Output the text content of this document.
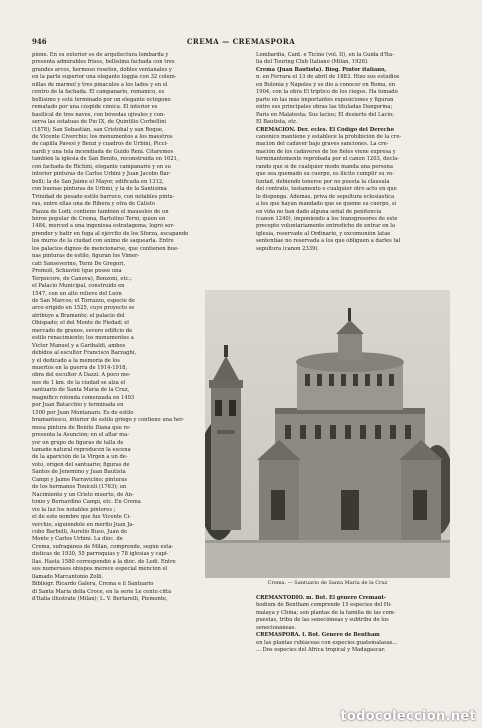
946	CREMA — CREMASPORA

pione. En su exterior es de arquitectura lombarda y

presenta admirables frisos, bellísima fachada con tres

grandes arcos, hermoso rosetón, dobles ventanales y

en la parte superior una elegante loggia con 32 colum-

nillas de mármol y tres pináculos a los lados y en el

centro de la fachada. El campanario, románico, es

bellísimo y está terminado por un elegante octógono

rematado por una cúspide cónica. El interior es

basilical de tres naves, con bóvedas ojivales y con-

serva las estatuas de Pío IX, de Quintilio Corbellini

(1878); San Sebastián, san Cristóbal y san Roque,

de Vicente Civerchio; los monumentos a los maestros

de capilla Pavesi y Benzi y cuadros de Urbini, Picci-

nardi y una tela incendiada de Guido Reni. Citaremos

también la iglesia de San Benito, reconstruida en 1621,

con fachada de Richini, elegante campanario y en su

interior pinturas de Carlos Urbini y Juan Jacobo Bar-

belli; la de San Jaime el Mayor, edificada en 1312,

con buenas pinturas de Urbini, y la de la Santísima

Trinidad de pesado estilo barroco, con notables pintu-

ras, entre ellas una de Ribera y otra de Calisto

Piazza de Lodi; contiene también el mausoleo de un

héroe popular de Crema, Bartolino Terni, quien en

1484, merced a una ingeniosa estratagema, logró sor-

prender y batir en fuga al ejército de los Sforza, escapando

los muros de la ciudad con ánimo de saquearla. Entre

los palacios dignos de mencionarse, que contienen bue-

nas pinturas de estilo, figuran los Vimer-

cati Sanseverino, Terni De Gregori,

Premoli, Schiavini (que posee una

Terpsícore, de Canova), Benzoni, etc.;

el Palacio Municipal, construido en

1547, con un alto relieve del León

de San Marcos; el Torrazzo, especie de

arco erigido en 1525, cuyo proyecto se

atribuye a Bramante; el palacio del

Obispado; el del Monte de Piedad; el

mercado de granos, severo edificio de

estilo renacimiento; los monumentos a

Víctor Manuel y a Garibaldi, ambos

debidos al escultor Francisco Barzaghi,

y el dedicado a la memoria de los

muertos en la guerra de 1914-1918,

obra del escultor A Dazzi. A poco me-

nos de 1 km. de la ciudad se alza el

santuario de Santa María de la Cruz,

magnífico rotonda comenzada en 1493

por Juan Batacchio y terminada en

1500 por Juan Montanaro. Es de estilo

bramantesco, interior de estilo griego y contiene una her-

mosa pintura de Benito Diana que re-

presenta la Asunción; en el altar ma-

yor un grupo de figuras de talla de

tamaño natural reproducen la escena

de la aparición de la Virgen a un de-

voto, origen del santuario; figuras de

Santos de Jenomino y Juan Bautista

Campi y Jaime Parravicino; pinturas

de los hermanos Toniceli (1763); un

Nacimiento y un Cristo muerto, de An-

tonio y Bernardino Campi, etc. En Crema

vio la luz los notables pintores ;

el de este nombre que fue Vicente Ci-

verchio, siguiéndole en mérito Juan Ja-

cobo Barbelli, Aurelio Buso, Juan de

Monte y Carlos Urbini. La dióc. de

Crema, sufragánea de Milán, comprende, según esta-

dísticas de 1930, 55 parroquias y 78 iglesias y capi-

llas. Hasta 1580 correspondió a la dióc. de Lodi. Entre

sus numerosos obispos merece especial mención el

llamado Marcantonio Zolli.

Bibliogr. Ricardo Galera, Crema e il Santuario

di Santa Maria della Croce, en la serie Le cento città

d'Italia illustrate (Milán); L. V. Bertarelli, Piemonte,

Lombardia, Cant. e Ticino (vol. II), en la Guida d'Ita-

lia del Touring Club Italiano (Milán, 1926).

Crema (Juan Bautista). Biog. Pintor italiano,

n. en Ferrara el 13 de abril de 1883. Hizo sus estudios

en Bolonia y Nápoles y se dio a conocer en Roma, en

1904, con la obra El tríptico de los ciegos. Ha tomado

parte en las más importantes exposiciones y figuran

entre sus principales obras las tituladas Dangorina;

París en Malatesta; Sus lacios; El desierto del Lacio;

El Bautista, etc.

CREMACIÓN. Der. ecles. El Código del Derecho

canónico mantiene y establece la prohibición de la cre-

mación del cadáver bajo graves sanciones. La cre-

mación de los cadáveres de los fieles viene expresa y

terminantemente reprobada por el canon 1203, decla-

rando que si de cualquier modo manda una persona

que sea quemado su cuerpo, es ilícito cumplir su vo-

luntad, debiendo tenerse por no puesta la cláusula

del contrato, testamento o cualquier otro acto en que

lo disponga. Además, priva de sepultura eclesiástica

a los que hayan mandado que se queme su cuerpo, si

en vida no han dado alguna señal de penitencia

(canon 1240), imponiendo a los transgresores de este

precepto voluntariamente entredicho de entrar en la

iglesia, reservado al Ordinario, y excomunión latae

sententiae no reservada a los que obliguen a darles tal

sepultura (canon 2339).

Crema. — Santuario de Santa María de la Cruz

CREMANTODIO. m. Bot. El género Cremant-

hodium de Bentham comprende 15 especies del Hi-

malaya y China; son plantas de la familia de las com-

puestas, tribu de las senecióneas y subtribu de los

senecionáneas.

CREMASPORA. f. Bot. Género de Bentham

en las plantas rubiáceas con especies guatemalasas...

... Dos especies del África tropical y Madagascar.

todocoleccion.net
